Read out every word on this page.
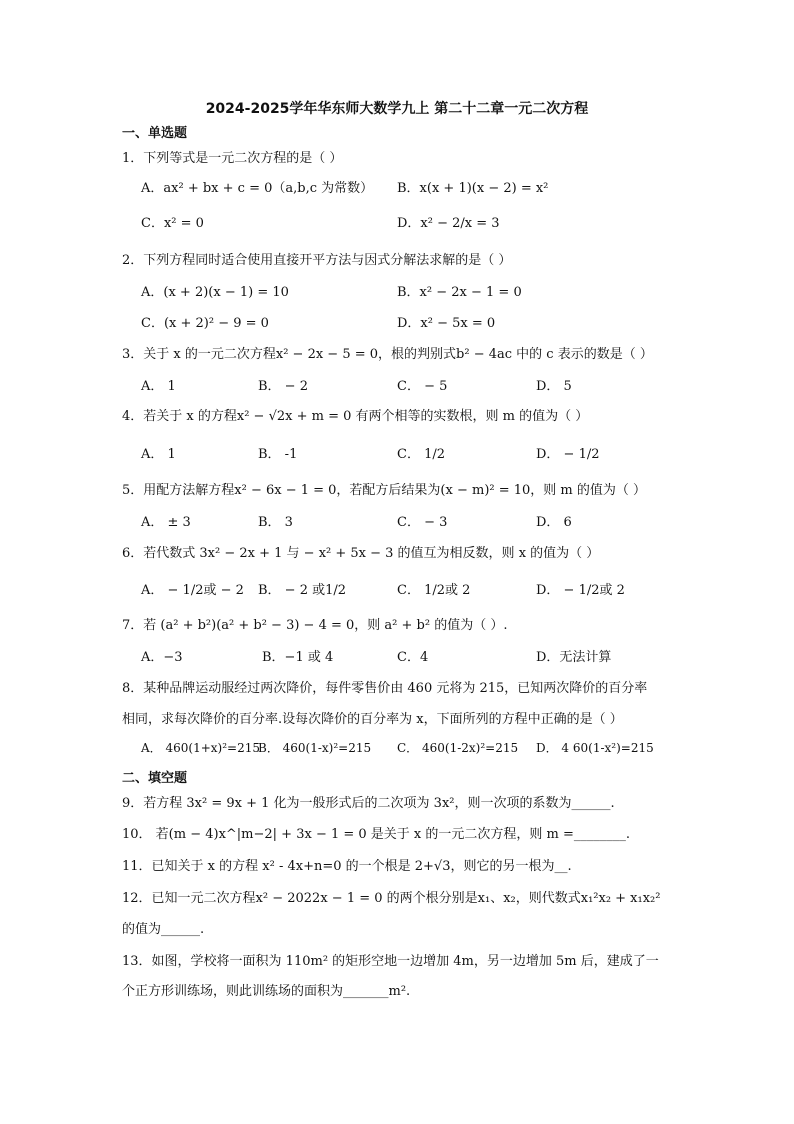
2024-2025学年华东师大数学九上 第二十二章一元二次方程
一、单选题
1．下列等式是一元二次方程的是（ ）
A．ax² + bx + c = 0（a,b,c 为常数） B．x(x + 1)(x − 2) = x²
C．x² = 0	D．x² − 2/x = 3
2．下列方程同时适合使用直接开平方法与因式分解法求解的是（ ）
A．(x + 2)(x − 1) = 10	B．x² − 2x − 1 = 0
C．(x + 2)² − 9 = 0	D．x² − 5x = 0
3．关于 x 的一元二次方程x² − 2x − 5 = 0，根的判别式b² − 4ac 中的 c 表示的数是（ ）
A． 1	B． − 2	C． − 5	D． 5
4．若关于 x 的方程x² − √2x + m = 0 有两个相等的实数根，则 m 的值为（ ）
A． 1	B． -1	C． 1/2	D． − 1/2
5．用配方法解方程x² − 6x − 1 = 0，若配方后结果为(x − m)² = 10，则 m 的值为（ ）
A． ± 3	B． 3	C． − 3	D． 6
6．若代数式 3x² − 2x + 1 与 − x² + 5x − 3 的值互为相反数，则 x 的值为（ ）
A． − 1/2或 − 2 B． − 2 或1/2	C． 1/2或 2	D． − 1/2或 2
7．若 (a² + b²)(a² + b² − 3) − 4 = 0，则 a² + b² 的值为（ ）.
A．−3	B．−1 或 4	C．4	D．无法计算
8．某种品牌运动服经过两次降价，每件零售价由 460 元将为 215，已知两次降价的百分率
相同，求每次降价的百分率.设每次降价的百分率为 x，下面所列的方程中正确的是（ ）
A． 460(1+x)²=215
B． 460(1-x)²=215 C． 460(1-2x)²=215 D． 4 60(1-x²)=215
二、填空题
9．若方程 3x² = 9x + 1 化为一般形式后的二次项为 3x²，则一次项的系数为______.
10． 若(m − 4)x^|m−2| + 3x − 1 = 0 是关于 x 的一元二次方程，则 m =________.
11．已知关于 x 的方程 x² - 4x+n=0 的一个根是 2+√3，则它的另一根为__.
12．已知一元二次方程x² − 2022x − 1 = 0 的两个根分别是x₁、x₂，则代数式x₁²x₂ + x₁x₂²
的值为______.
13．如图，学校将一面积为 110m² 的矩形空地一边增加 4m，另一边增加 5m 后，建成了一
个正方形训练场，则此训练场的面积为_______m².
